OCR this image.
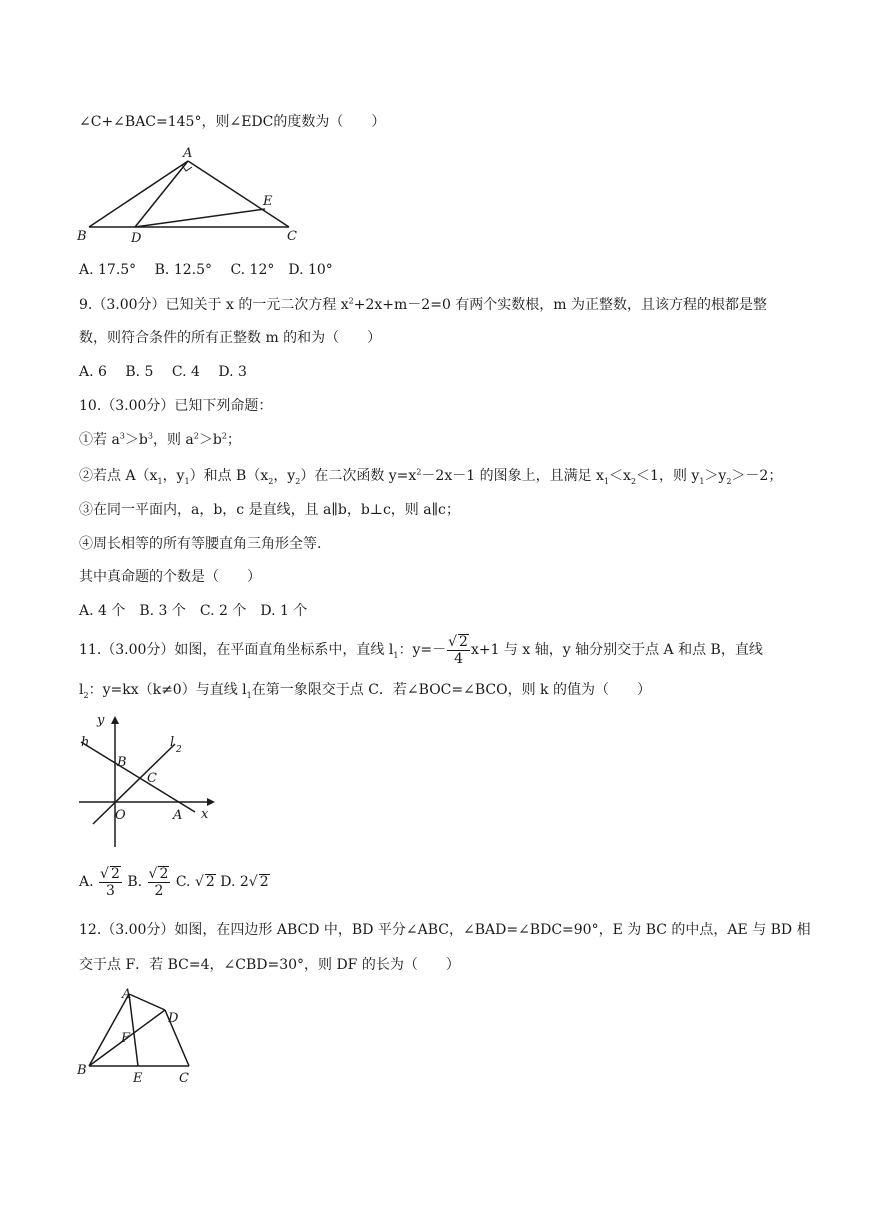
∠C+∠BAC=145°，则∠EDC的度数为（　　）
A
E
B	D	C
A. 17.5°　 B. 12.5°　 C. 12°　D. 10°
9.（3.00分）已知关于 x 的一元二次方程 $x^2+2x+m-2=0$ 有两个实数根，m 为正整数，且该方程的根都是整
数，则符合条件的所有正整数 m 的和为（　　）
A. 6　 B. 5　 C. 4　 D. 3
10.（3.00分）已知下列命题：
①若 $a^3>b^3$，则 $a^2>b^2$；
②若点 $A(x_1$，$y_1$）和点 $B(x_2$，$y_2$）在二次函数 $y=x^2-2x-1$ 的图象上，且满足 $x_1<x_2<1$，则 $y_1>y_2>-2$；
③在同一平面内，a，b，c 是直线，且 a∥b，b⊥c，则 a∥c；
④周长相等的所有等腰直角三角形全等.
其中真命题的个数是（　　）
A. 4 个　B. 3 个　C. 2 个　D. 1 个
11.（3.00分）如图，在平面直角坐标系中，直线 $l_1$：$y=- \frac{√ 2}{4} x+1$ 与 x 轴，y 轴分别交于点 A 和点 B，直线
$l_2$：y=kx（k≠0）与直线 $l_1$在第一象限交于点 C．若∠BOC=∠BCO，则 k 的值为（　　）
y
h	l 2
B
C
O	A x
A. $\frac{√ 2}{3} B$. $\frac{√ 2}{2} C$. √ 2 D. 2√ 2
12.（3.00分）如图，在四边形 ABCD 中，BD 平分∠ABC，∠BAD=∠BDC=90°，E 为 BC 的中点，AE 与 BD 相
交于点 F．若 BC=4，∠CBD=30°，则 DF 的长为（　　）
A
D
F
B
E	C
